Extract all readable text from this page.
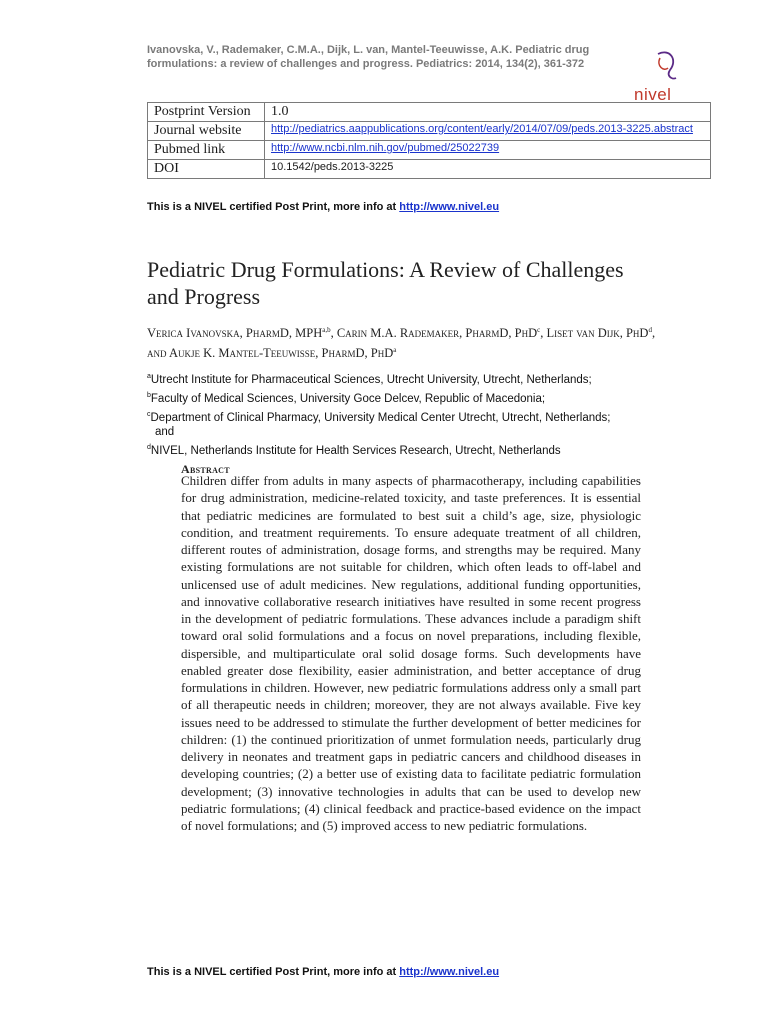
Ivanovska, V., Rademaker, C.M.A., Dijk, L. van, Mantel-Teeuwisse, A.K. Pediatric drug formulations: a review of challenges and progress. Pediatrics: 2014, 134(2), 361-372
nivel
Postprint Version	1.0
Journal website	http://pediatrics.aappublications.org/content/early/2014/07/09/peds.2013-3225.abstract

Pubmed link	http://www.ncbi.nlm.nih.gov/pubmed/25022739
DOI	10.1542/peds.2013-3225
This is a NIVEL certified Post Print, more info at http://www.nivel.eu
Pediatric Drug Formulations: A Review of Challenges and Progress
Verica Ivanovska, PharmD, MPH$^{a,b}$, Carin M.A. Rademaker, PharmD, PhD$^c$, Liset van Dijk, PhD$^d$, and Aukje K. Mantel-Teeuwisse, PharmD, PhD$^a$
$^a$Utrecht Institute for Pharmaceutical Sciences, Utrecht University, Utrecht, Netherlands;
$^b$Faculty of Medical Sciences, University Goce Delcev, Republic of Macedonia;
$^c$Department of Clinical Pharmacy, University Medical Center Utrecht, Utrecht, Netherlands;
and
$^d$NIVEL, Netherlands Institute for Health Services Research, Utrecht, Netherlands
Abstract

Children differ from adults in many aspects of pharmacotherapy, including capabilities for drug administration, medicine-related toxicity, and taste preferences. It is essential that pediatric medicines are formulated to best suit a child’s age, size, physiologic condition, and treatment requirements. To ensure adequate treatment of all children, different routes of administration, dosage forms, and strengths may be required. Many existing formulations are not suitable for children, which often leads to off-label and unlicensed use of adult medicines. New regulations, additional funding opportunities, and innovative collaborative research initiatives have resulted in some recent progress in the development of pediatric formulations. These advances include a paradigm shift toward oral solid formulations and a focus on novel preparations, including flexible, dispersible, and multiparticulate oral solid dosage forms. Such developments have enabled greater dose flexibility, easier administration, and better acceptance of drug formulations in children. However, new pediatric formulations address only a small part of all therapeutic needs in children; moreover, they are not always available. Five key issues need to be addressed to stimulate the further development of better medicines for children: (1) the continued prioritization of unmet formulation needs, particularly drug delivery in neonates and treatment gaps in pediatric cancers and childhood diseases in developing countries; (2) a better use of existing data to facilitate pediatric formulation development; (3) innovative technologies in adults that can be used to develop new pediatric formulations; (4) clinical feedback and practice-based evidence on the impact of novel formulations; and (5) improved access to new pediatric formulations.

This is a NIVEL certified Post Print, more info at http://www.nivel.eu
